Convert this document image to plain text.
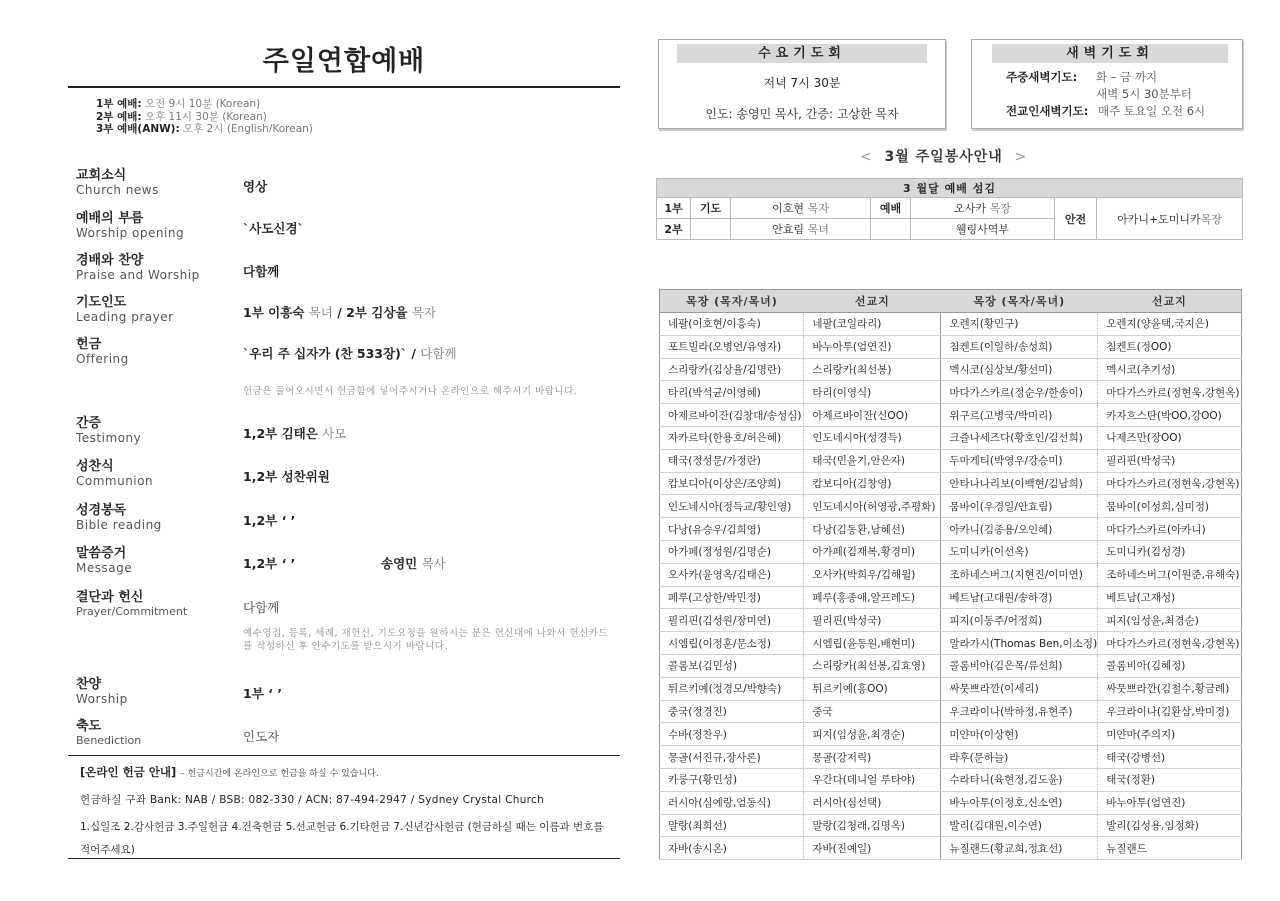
주일연합예배
1부 예배: 오전 9시 10분 (Korean)
2부 예배: 오후 11시 30분 (Korean)
3부 예배(ANW): 오후 2시 (English/Korean)
교회소식
Church news	영상
예배의 부름
Worship opening	`사도신경`
경배와 찬양
Praise and Worship	다함께
기도인도
Leading prayer	1부 이흥숙 목녀 / 2부 김상율 목자
헌금
Offering	`우리 주 십자가 (찬 533장)` / 다함께
헌금은 들어오시면서 헌금함에 넣어주시거나 온라인으로 해주시기 바랍니다.
간증
Testimony	1,2부 김태은 사모
성찬식
Communion	1,2부 성찬위원
성경봉독
Bible reading	1,2부 ‘ ’
말씀증거
Message	1,2부 ‘ ’	송영민 목사
결단과 헌신
Prayer/Commitment	다함께
예수영접, 등록, 세례, 재헌신, 기도요청을 원하시는 분은 헌신대에 나와서 헌신카드를 작성하신 후 안수기도를 받으시기 바랍니다.
찬양
Worship	1부 ‘ ’
축도
Benediction	인도자
[온라인 헌금 안내] – 헌금시간에 온라인으로 헌금을 하실 수 있습니다.
헌금하실 구좌 Bank: NAB / BSB: 082-330 / ACN: 87-494-2947 / Sydney Crystal Church
1.십일조 2.감사헌금 3.주일헌금 4.건축헌금 5.선교헌금 6.기타헌금 7.신년감사헌금 (헌금하실 때는 이름과 번호를 적어주세요)
수요기도회
저녁 7시 30분
인도: 송영민 목사, 간증: 고상한 목자
새벽기도회
주중새벽기도: 화 – 금 까지
새벽 5시 30분부터
전교인새벽기도: 매주 토요일 오전 6시
< 3월 주일봉사안내 >
3 월달 예배 섬김						
1부	기도	이호현 목자	예배	오사카 목장	안전	아카니+도미니카목장
2부		안효림 목녀		웰링사역부		
목장 (목자/목녀)	선교지	목장 (목자/목녀)	선교지
네팔(이호현/이흥숙)	네팔(코일라리)	오렌지(황민구)	오렌지(양윤택,국지은)
포트빌라(오병언/유영자)	바누아투(엄연진)	침켄트(이일하/송성희)	침켄트(정OO)
스리랑카(김상율/김명란)	스리랑카(최선봉)	멕시코(심상보/황선미)	멕시코(추기성)
타리(박석균/이영혜)	타리(이영식)	마다가스카르(정순우/한송이)	마다가스카르(정현욱,강현옥)
아제르바이잔(김창대/송성심)	아제르바이잔(신OO)	위구르(고병국/박미리)	카자흐스탄(박OO,강OO)
자카르타(한용호/허은혜)	인도네시아(성경득)	크즐나세즈다(황호인/김선희)	나제즈만(장OO)
태국(정성문/가정란)	태국(민윤기,안은자)	두마게티(박영우/강승미)	필리핀(박성국)
캄보디아(이상은/조양희)	캄보디아(김창영)	안타나나리보(이백현/김남희)	마다가스카르(정현욱,강현옥)
인도네시아(정득교/황인영)	인도네시아(허영광,주평화)	뭄바이(우경일/안효림)	뭄바이(이성희,심미정)
다낭(유승우/김희영)	다낭(김동환,남혜선)	아카니(김종용/오인혜)	마다가스카르(아카니)
아가페(정성원/김명순)	아가페(김재복,황경미)	도미니카(이선옥)	도미니카(김성경)
오사카(윤영옥/김태은)	오사카(박희우/김해윌)	조하네스버그(지현진/이미연)	조하네스버그(이원준,유해숙)
페루(고상한/박민정)	페루(홍종애,알프레도)	베트남(고대원/송하경)	베트남(고재성)
필리핀(김성원/장미연)	필리핀(박성국)	피지(이동주/어정희)	피지(임성윤,최경순)
시엠립(이정훈/문소정)	시엠립(윤동원,배현미)	말라가시(Thomas Ben,이소정)	마다가스카르(정현욱,강현옥)
콜롬보(김민성)	스리랑카(최선봉,김효영)	콜롬비아(김은목/류선희)	콜롬비아(김혜정)
튀르키예(정경모/박향숙)	튀르키예(홍OO)	싸뭇쁘라깐(이세리)	싸뭇쁘라깐(김철수,황금례)
중국(정경진)	중국	우크라이나(박하정,유현주)	우크라이나(김환삼,박미경)
수바(정찬우)	피지(임성윤,최경순)	미얀마(이상현)	미얀마(주의지)
몽골(서진규,장사론)	몽골(강저릭)	라후(문하늘)	태국(강병선)
카룽구(황민성)	우간다(데니얼 루타야)	수라타니(육현정,김도윤)	태국(정환)
러시아(심예랑,엄동식)	러시아(심선택)	바누아투(이정호,신소연)	바누아투(엄연진)
말랑(최희선)	말랑(김청래,김명옥)	발리(김대원,이수연)	발리(김성용,임정화)
자바(송시온)	자바(진예일)	뉴질랜드(황교희,정효선)	뉴질랜드
